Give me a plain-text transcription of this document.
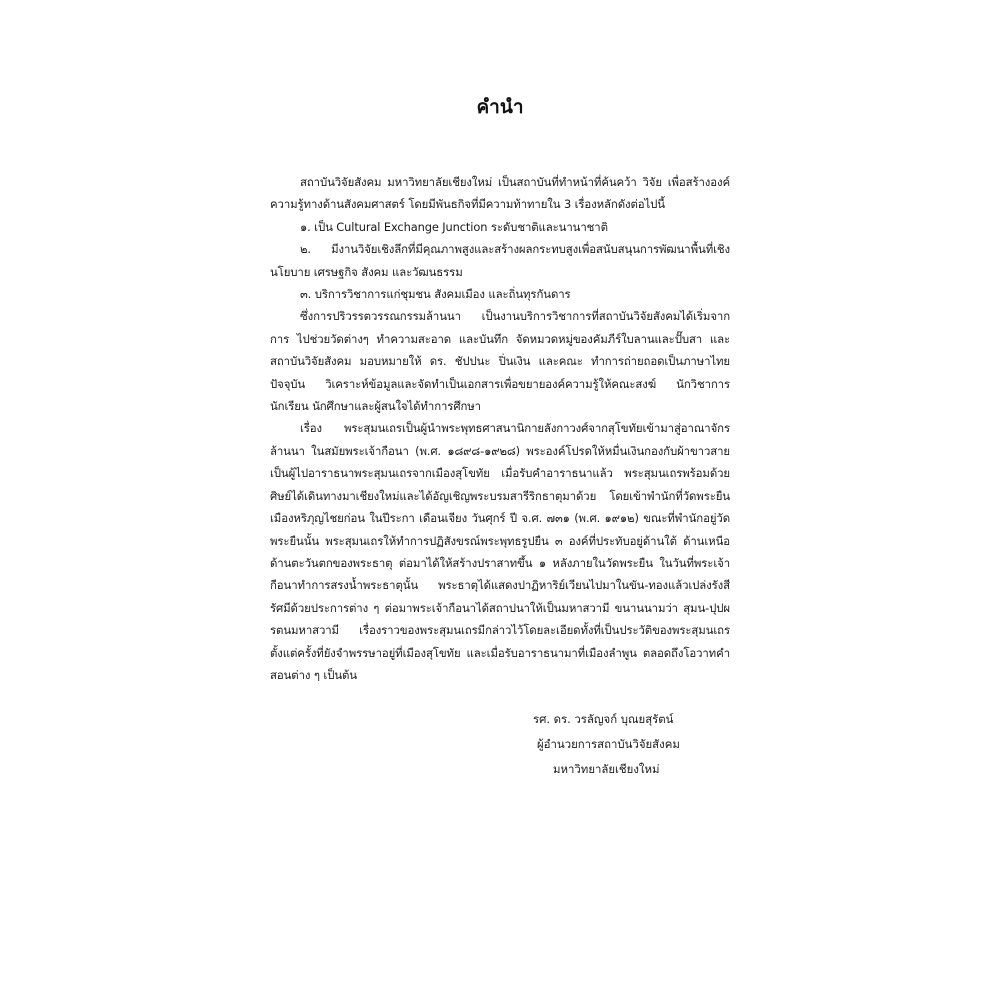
คำนำ

สถาบันวิจัยสังคม มหาวิทยาลัยเชียงใหม่ เป็นสถาบันที่ทำหน้าที่ค้นคว้า วิจัย เพื่อสร้างองค์ความรู้ทางด้านสังคมศาสตร์ โดยมีพันธกิจที่มีความท้าทายใน 3 เรื่องหลักดังต่อไปนี้

๑. เป็น Cultural Exchange Junction ระดับชาติและนานาชาติ

๒. มีงานวิจัยเชิงลึกที่มีคุณภาพสูงและสร้างผลกระทบสูงเพื่อสนับสนุนการพัฒนาพื้นที่เชิงนโยบาย เศรษฐกิจ สังคม และวัฒนธรรม

๓. บริการวิชาการแก่ชุมชน สังคมเมือง และถิ่นทุรกันดาร

ซึ่งการปริวรรตวรรณกรรมล้านนา เป็นงานบริการวิชาการที่สถาบันวิจัยสังคมได้เริ่มจากการ ไปช่วยวัดต่างๆ ทำความสะอาด และบันทึก จัดหมวดหมู่ของคัมภีร์ใบลานและปั๊บสา และสถาบันวิจัยสังคม มอบหมายให้ ดร. ชัปปนะ ปิ่นเงิน และคณะ ทำการถ่ายถอดเป็นภาษาไทยปัจจุบัน วิเคราะห์ข้อมูลและจัดทำเป็นเอกสารเพื่อขยายองค์ความรู้ให้คณะสงฆ์ นักวิชาการ นักเรียน นักศึกษาและผู้สนใจได้ทำการศึกษา

เรื่อง พระสุมนเถรเป็นผู้นำพระพุทธศาสนานิกายลังกาวงศ์จากสุโขทัยเข้ามาสู่อาณาจักรล้านนา ในสมัยพระเจ้ากือนา (พ.ศ. ๑๘๙๘-๑๙๒๘) พระองค์โปรดให้หมื่นเงินกองกับผ้าขาวสายเป็นผู้ไปอาราธนาพระสุมนเถรจากเมืองสุโขทัย เมื่อรับคำอาราธนาแล้ว พระสุมนเถรพร้อมด้วยศิษย์ได้เดินทางมาเชียงใหม่และได้อัญเชิญพระบรมสารีริกธาตุมาด้วย โดยเข้าพำนักที่วัดพระยืน เมืองหริภุญไชยก่อน ในปีระกา เดือนเจียง วันศุกร์ ปี จ.ศ. ๗๓๑ (พ.ศ. ๑๙๑๒) ขณะที่พำนักอยู่วัดพระยืนนั้น พระสุมนเถรให้ทำการปฏิสังขรณ์พระพุทธรูปยืน ๓ องค์ที่ประทับอยู่ด้านใต้ ด้านเหนือ ด้านตะวันตกของพระธาตุ ต่อมาได้ให้สร้างปราสาทขึ้น ๑ หลังภายในวัดพระยืน ในวันที่พระเจ้ากือนาทำการสรงน้ำพระธาตุนั้น พระธาตุได้แสดงปาฏิหาริย์เวียนไปมาในขัน-ทองแล้วเปล่งรังสีรัศมีด้วยประการต่าง ๆ ต่อมาพระเจ้ากือนาได้สถาปนาให้เป็นมหาสวามี ขนานนามว่า สุมน-ปุปผรตนมหาสวามี เรื่องราวของพระสุมนเถรมีกล่าวไว้โดยละเอียดทั้งที่เป็นประวัติของพระสุมนเถรตั้งแต่ครั้งที่ยังจำพรรษาอยู่ที่เมืองสุโขทัย และเมื่อรับอาราธนามาที่เมืองลำพูน ตลอดถึงโอวาทคำสอนต่าง ๆ เป็นต้น

รศ. ดร. วรลัญจก์ บุณยสุรัตน์
ผู้อำนวยการสถาบันวิจัยสังคม
มหาวิทยาลัยเชียงใหม่
